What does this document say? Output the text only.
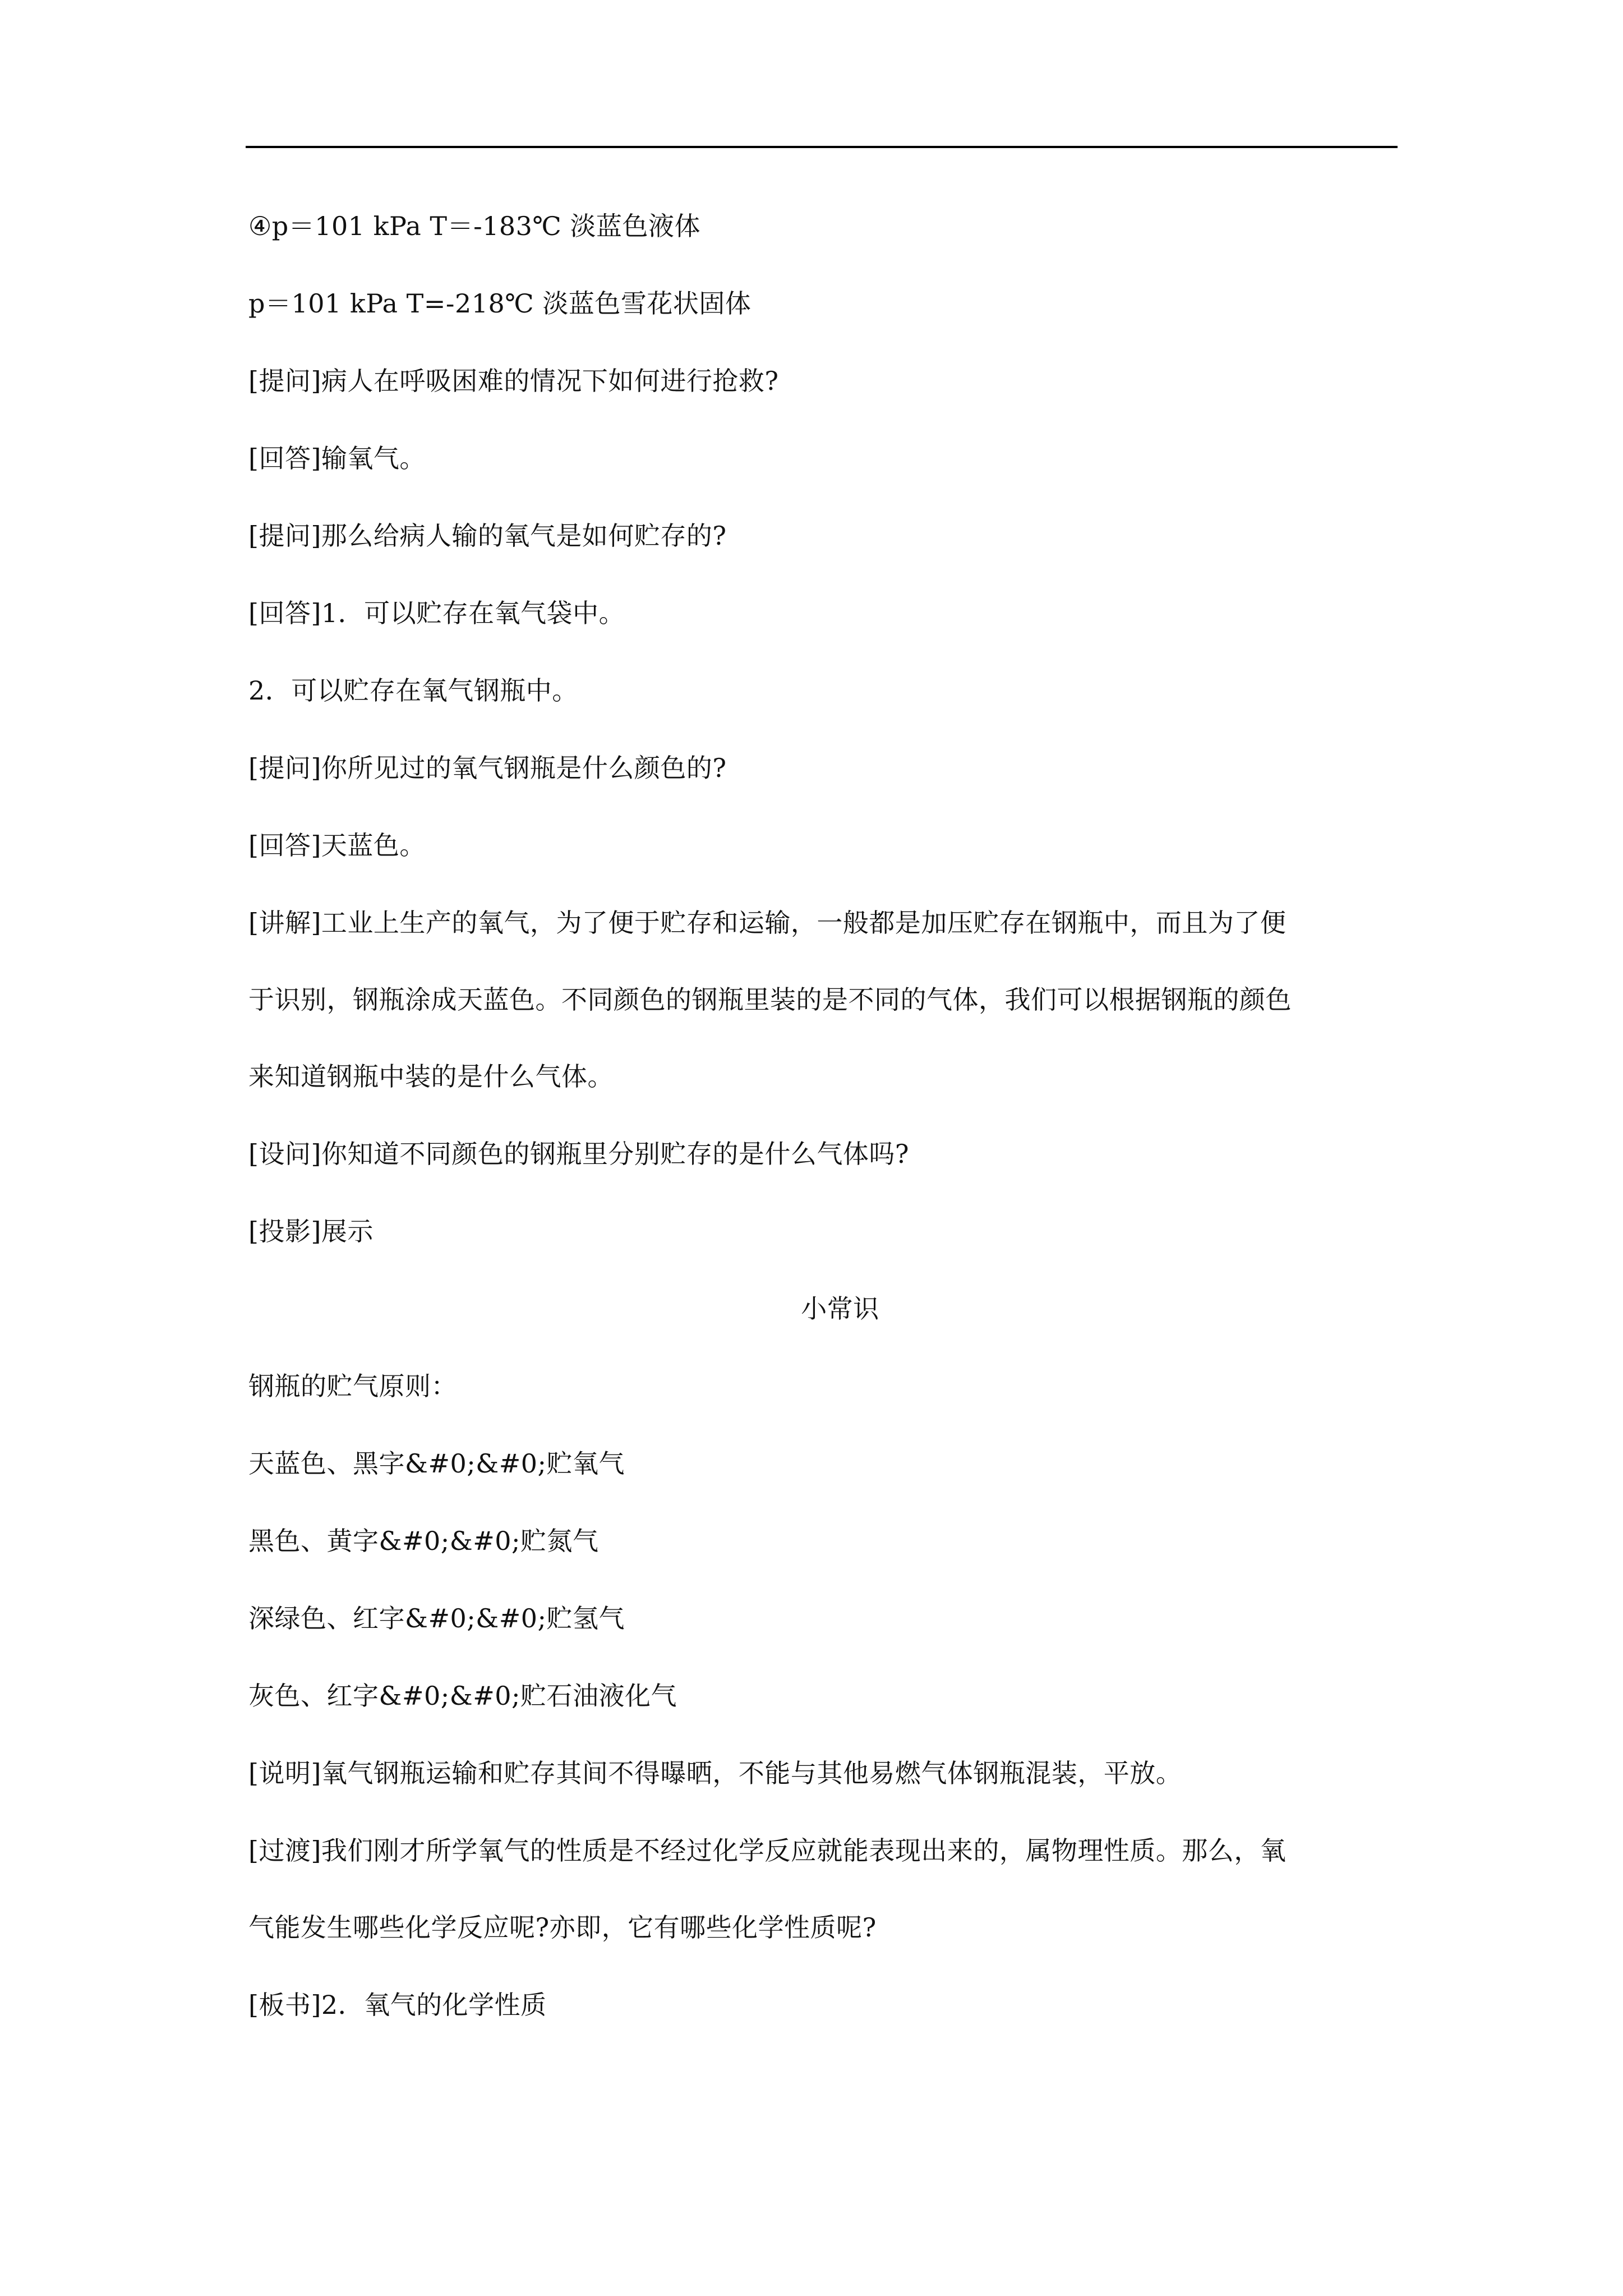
④p＝101 kPa T＝-183℃ 淡蓝色液体
p＝101 kPa T=-218℃ 淡蓝色雪花状固体
[提问]病人在呼吸困难的情况下如何进行抢救?
[回答]输氧气。
[提问]那么给病人输的氧气是如何贮存的?
[回答]1．可以贮存在氧气袋中。
2．可以贮存在氧气钢瓶中。
[提问]你所见过的氧气钢瓶是什么颜色的?
[回答]天蓝色。
[讲解]工业上生产的氧气，为了便于贮存和运输，一般都是加压贮存在钢瓶中，而且为了便
于识别，钢瓶涂成天蓝色。不同颜色的钢瓶里装的是不同的气体，我们可以根据钢瓶的颜色
来知道钢瓶中装的是什么气体。
[设问]你知道不同颜色的钢瓶里分别贮存的是什么气体吗?
[投影]展示
小常识
钢瓶的贮气原则：
天蓝色、黑字&#0;&#0;贮氧气
黑色、黄字&#0;&#0;贮氮气
深绿色、红字&#0;&#0;贮氢气
灰色、红字&#0;&#0;贮石油液化气
[说明]氧气钢瓶运输和贮存其间不得曝晒，不能与其他易燃气体钢瓶混装，平放。
[过渡]我们刚才所学氧气的性质是不经过化学反应就能表现出来的，属物理性质。那么，氧
气能发生哪些化学反应呢?亦即，它有哪些化学性质呢?
[板书]2．氧气的化学性质
